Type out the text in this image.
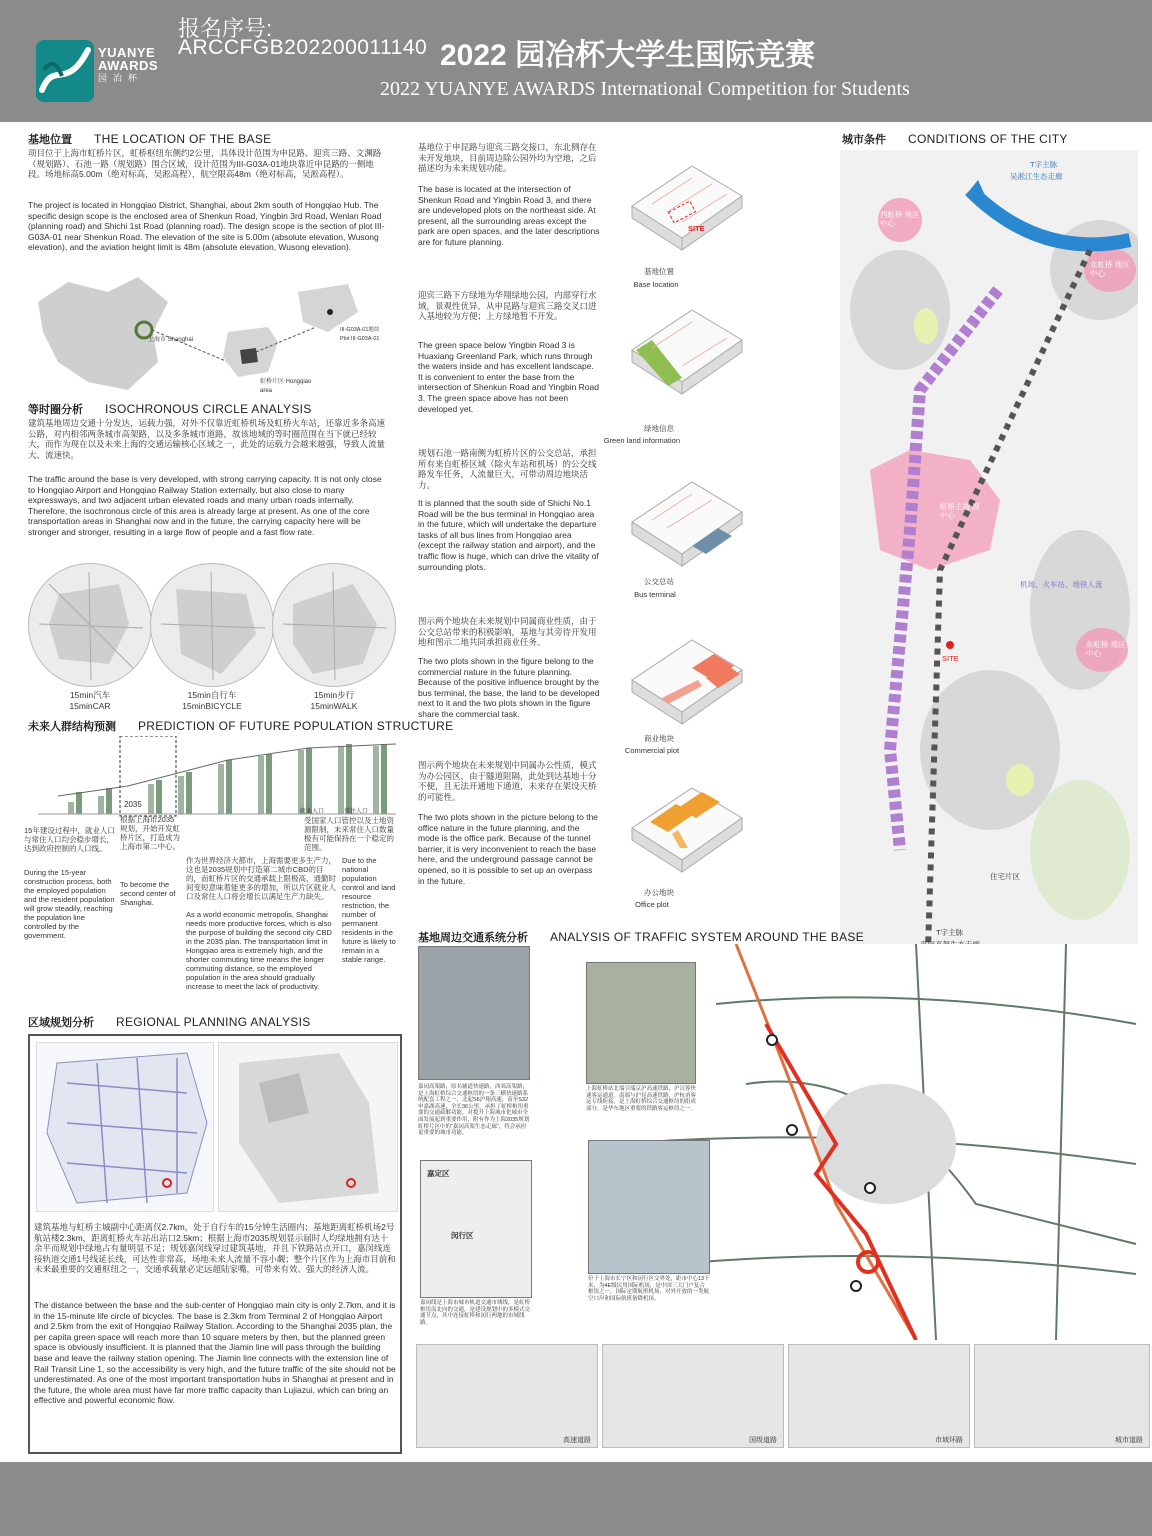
YUANYE
AWARDS
园冶杯
报名序号:
ARCCFGB202200011140 2022 园冶杯大学生国际竞赛
2022 YUANYE AWARDS International Competition for Students
基地位置 THE LOCATION OF THE BASE
项目位于上海市虹桥片区，虹桥枢纽东侧约2公里，具体设计范围为申昆路、迎宾三路、文渊路（规划路）、石池一路（规划路）围合区域，设计范围为III-G03A-01地块靠近申昆路的一侧地段。场地标高5.00m（绝对标高，吴淞高程），航空限高48m（绝对标高，吴淞高程）。
The project is located in Hongqiao District, Shanghai, about 2km south of Hongqiao Hub. The specific design scope is the enclosed area of Shenkun Road, Yingbin 3rd Road, Wenlan Road (planning road) and Shichi 1st Road (planning road). The design scope is the section of plot III-G03A-01 near Shenkun Road. The elevation of the site is 5.00m (absolute elevation, Wusong elevation), and the aviation height limit is 48m (absolute elevation, Wusong elevation).
上海市 Shanghai
虹桥片区 Hongqiao area
III-G03A-01地块 Plot III-G03A-01
等时圈分析 ISOCHRONOUS CIRCLE ANALYSIS
建筑基地周边交通十分发达，运载力强，对外不仅靠近虹桥机场及虹桥火车站，还靠近多条高速公路，对内相邻两条城市高架路，以及多条城市道路，故该地域的等时圈范围在当下就已经较大，而作为现在以及未来上海的交通运输核心区域之一，此处的运载力会越来越强，导致人流量大、流速快。
The traffic around the base is very developed, with strong carrying capacity. It is not only close to Hongqiao Airport and Hongqiao Railway Station externally, but also close to many expressways, and two adjacent urban elevated roads and many urban roads internally. Therefore, the isochronous circle of this area is already large at present. As one of the core transportation areas in Shanghai now and in the future, the carrying capacity here will be stronger and stronger, resulting in a large flow of people and a fast flow rate.
15min汽车
15minCAR
15min自行车
15minBICYCLE
15min步行
15minWALK
未来人群结构预测 PREDICTION OF FUTURE POPULATION STRUCTURE
2035
就业人口	常住人口
15年建设过程中，就业人口与常住人口均会稳步增长，达到政府控制的人口线。
During the 15-year construction process, both the employed population and the resident population will grow steadily, reaching the population line controlled by the government.
根据上海市2035规划，开始开发虹桥片区，打造成为上海市第二中心。
To become the second center of Shanghai.
作为世界经济大都市，上海需要更多生产力，这也是2035规划中打造第二城市CBD的目的，而虹桥片区的交通承载上限极高，通勤时间变短意味着能更多的增加，所以片区就业人口及常住人口将会增长以满足生产力缺失。
As a world economic metropolis, Shanghai needs more productive forces, which is also the purpose of building the second city CBD in the 2035 plan. The transportation limit in Hongqiao area is extremely high, and the shorter commuting time means the longer commuting distance, so the employed population in the area should gradually increase to meet the lack of productivity.
受国家人口管控以及土地资源限制，未来常住人口数量极有可能保持在一个稳定的范围。
Due to the national population control and land resource restriction, the number of permanent residents in the future is likely to remain in a stable range.
区域规划分析 REGIONAL PLANNING ANALYSIS
建筑基地与虹桥主城副中心距离仅2.7km，处于自行车的15分钟生活圈内；基地距离虹桥机场2号航站楼2.3km，距离虹桥火车站出站口2.5km；根据上海市2035规划显示届时人均绿地拥有达十余平而规划中绿地占有量明显不足；规划嘉闵线穿过建筑基地，并且下铁路站点开口，嘉闵线连接轨道交通1号线延长线，可达性非常高，场地未来人流量不容小觑；整个片区作为上海市目前和未来最重要的交通枢纽之一，交通承载量必定远超陆家嘴，可带来有效、强大的经济人流。
The distance between the base and the sub-center of Hongqiao main city is only 2.7km, and it is in the 15-minute life circle of bicycles. The base is 2.3km from Terminal 2 of Hongqiao Airport and 2.5km from the exit of Hongqiao Railway Station. According to the Shanghai 2035 plan, the per capita green space will reach more than 10 square meters by then, but the planned green space is obviously insufficient. It is planned that the Jiamin line will pass through the building base and leave the railway station opening. The Jiamin line connects with the extension line of Rail Transit Line 1, so the accessibility is very high, and the future traffic of the site should not be underestimated. As one of the most important transportation hubs in Shanghai at present and in the future, the whole area must have far more traffic capacity than Lujiazui, which can bring an effective and powerful economic flow.
基地位于申昆路与迎宾三路交接口，东北侧存在未开发地块，目前周边除公园外均为空地，之后描述均为未来规划功能。
The base is located at the intersection of Shenkun Road and Yingbin Road 3, and there are undeveloped plots on the northeast side. At present, all the surrounding areas except the park are open spaces, and the later descriptions are for future planning.
SITE
基地位置
Base location
迎宾三路下方绿地为华翔绿地公园，内部穿行水域，景观性优异，从申昆路与迎宾三路交叉口进入基地较为方便；上方绿地暂不开发。
The green space below Yingbin Road 3 is Huaxiang Greenland Park, which runs through the waters inside and has excellent landscape. It is convenient to enter the base from the intersection of Shenkun Road and Yingbin Road 3. The green space above has not been developed yet.
绿地信息
Green land information
规划石池一路南侧为虹桥片区的公交总站，承担所有来自虹桥区域（除火车站和机场）的公交线路发车任务，人流量巨大，可带动周边地块活力。
It is planned that the south side of Shichi No.1 Road will be the bus terminal in Hongqiao area in the future, which will undertake the departure tasks of all bus lines from Hongqiao area (except the railway station and airport), and the traffic flow is huge, which can drive the vitality of surrounding plots.
公交总站
Bus terminal
图示两个地块在未来规划中同属商业性质，由于公交总站带来的积极影响，基地与其旁待开发用地和图示二地共同承担商业任务。
The two plots shown in the figure belong to the commercial nature in the future planning. Because of the positive influence brought by the bus terminal, the base, the land to be developed next to it and the two plots shown in the figure share the commercial task.
商业地块
Commercial plot
图示两个地块在未来规划中同属办公性质，模式为办公园区，由于隧道阻隔，此处到达基地十分不便，且无法开通地下通道，未来存在架设天桥的可能性。
The two plots shown in the picture belong to the office nature in the future planning, and the mode is the office park. Because of the tunnel barrier, it is very inconvenient to reach the base here, and the underground passage cannot be opened, so it is possible to set up an overpass in the future.
办公地块
Office plot
城市条件 CONDITIONS OF THE CITY
T字主脉
吴淞江生态走廊
西虹桥 地区中心
北虹桥 地区中心
虹桥主城 副中心
机场、火车站、地铁人流
东虹桥 地区中心
SITE
住宅片区
T字主脉
基地周边交通系统分析 ANALYSIS OF TRAFFIC SYSTEM AROUND THE BASE
嘉闵高架路，原名辅道快速路，西郊高架路，是上海虹桥综合交通枢纽的一条三横快速路系统配套工程之一，北起S6沪翔高速，南至S32申嘉湖高速，全长36公里，承担了虹桥枢纽重要的交通疏解功能，对提升上海城市化城市全面发展起到重要作用，附有作为上海2035规划虹桥片区中的“嘉闵高架生态走廊”，将会承担更重要的城市功能。
上海虹桥站北端引端京沪高速铁路，沪汉蓉快速客运通道。南端与沪昆高速铁路，沪杭甬客运专线衔接，是上海虹桥综合交通枢纽的组成部分，是华东地区重要的铁路客运枢纽之一。
嘉定区
闵行区
嘉闵线是上海市城市轨道交通市域线，是虹桥枢纽南北向的交通，是建设规划中的多模式交通节点，其中连接虹桥和闵行两地的市域线路。
位于上海市长宁区和闵行区交界处，距市中心13千米，为4E级民用国际机场，是中国三大门户复合枢纽之一，国际定期航班机场、对外开放的一类航空口岸和国际航班备降机场。
高速道路	国级道路	市域环路	城市道路
